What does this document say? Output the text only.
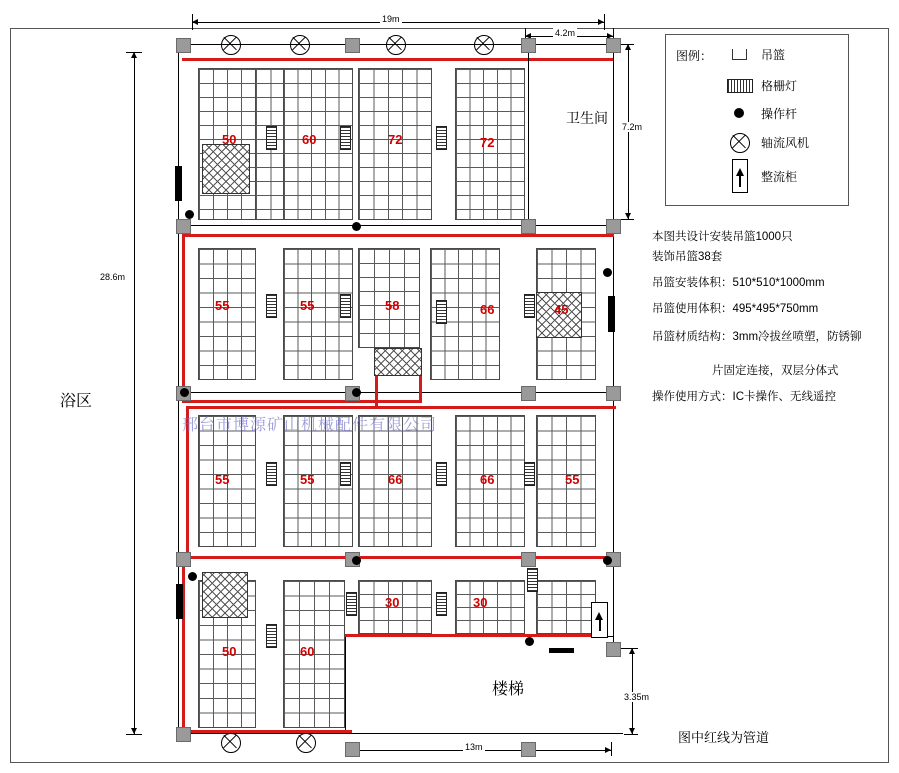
19m
4.2m
7.2m
28.6m
3.35m
13m
50	60	72	72
卫生间
55	55	58	66	45
55	55	66	66	55
50	60
30	30
浴区
楼梯
邢台市博源矿山机械配件有限公司
图例：	吊篮
格栅灯
操作杆
轴流风机
整流柜
本图共设计安装吊篮1000只
装饰吊篮38套
吊篮安装体积：510*510*1000mm
吊篮使用体积：495*495*750mm
吊篮材质结构：3mm冷拔丝喷塑，防锈铆
片固定连接，双层分体式
操作使用方式：IC卡操作、无线遥控
图中红线为管道
